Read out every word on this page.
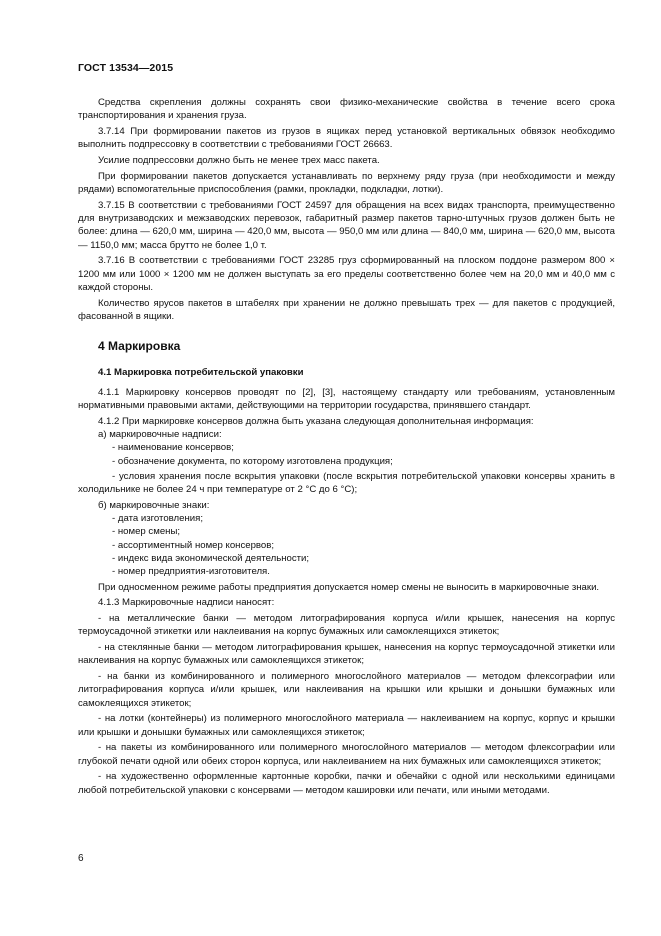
ГОСТ 13534—2015

Средства скрепления должны сохранять свои физико-механические свойства в течение всего срока транспортирования и хранения груза.

3.7.14 При формировании пакетов из грузов в ящиках перед установкой вертикальных обвязок необходимо выполнить подпрессовку в соответствии с требованиями ГОСТ 26663.

Усилие подпрессовки должно быть не менее трех масс пакета.

При формировании пакетов допускается устанавливать по верхнему ряду груза (при необходимости и между рядами) вспомогательные приспособления (рамки, прокладки, подкладки, лотки).

3.7.15 В соответствии с требованиями ГОСТ 24597 для обращения на всех видах транспорта, преимущественно для внутризаводских и межзаводских перевозок, габаритный размер пакетов тарно-штучных грузов должен быть не более: длина — 620,0 мм, ширина — 420,0 мм, высота — 950,0 мм или длина — 840,0 мм, ширина — 620,0 мм, высота — 1150,0 мм; масса брутто не более 1,0 т.

3.7.16 В соответствии с требованиями ГОСТ 23285 груз сформированный на плоском поддоне размером 800 × 1200 мм или 1000 × 1200 мм не должен выступать за его пределы соответственно более чем на 20,0 мм и 40,0 мм с каждой стороны.

Количество ярусов пакетов в штабелях при хранении не должно превышать трех — для пакетов с продукцией, фасованной в ящики.

4 Маркировка
4.1 Маркировка потребительской упаковки

4.1.1 Маркировку консервов проводят по [2], [3], настоящему стандарту или требованиям, установленным нормативными правовыми актами, действующими на территории государства, принявшего стандарт.

4.1.2 При маркировке консервов должна быть указана следующая дополнительная информация:

а) маркировочные надписи:
- наименование консервов;
- обозначение документа, по которому изготовлена продукция;

- условия хранения после вскрытия упаковки (после вскрытия потребительской упаковки консервы хранить в холодильнике не более 24 ч при температуре от 2 °С до 6 °С);

б) маркировочные знаки:
- дата изготовления;
- номер смены;
- ассортиментный номер консервов;
- индекс вида экономической деятельности;
- номер предприятия-изготовителя.

При односменном режиме работы предприятия допускается номер смены не выносить в маркировочные знаки.

4.1.3 Маркировочные надписи наносят:

- на металлические банки — методом литографирования корпуса и/или крышек, нанесения на корпус термоусадочной этикетки или наклеивания на корпус бумажных или самоклеящихся этикеток;

- на стеклянные банки — методом литографирования крышек, нанесения на корпус термоусадочной этикетки или наклеивания на корпус бумажных или самоклеящихся этикеток;

- на банки из комбинированного и полимерного многослойного материалов — методом флексографии или литографирования корпуса и/или крышек, или наклеивания на крышки или крышки и донышки бумажных или самоклеящихся этикеток;

- на лотки (контейнеры) из полимерного многослойного материала — наклеиванием на корпус, корпус и крышки или крышки и донышки бумажных или самоклеящихся этикеток;

- на пакеты из комбинированного или полимерного многослойного материалов — методом флексографии или глубокой печати одной или обеих сторон корпуса, или наклеиванием на них бумажных или самоклеящихся этикеток;

- на художественно оформленные картонные коробки, пачки и обечайки с одной или несколькими единицами любой потребительской упаковки с консервами — методом кашировки или печати, или иными методами.

6
